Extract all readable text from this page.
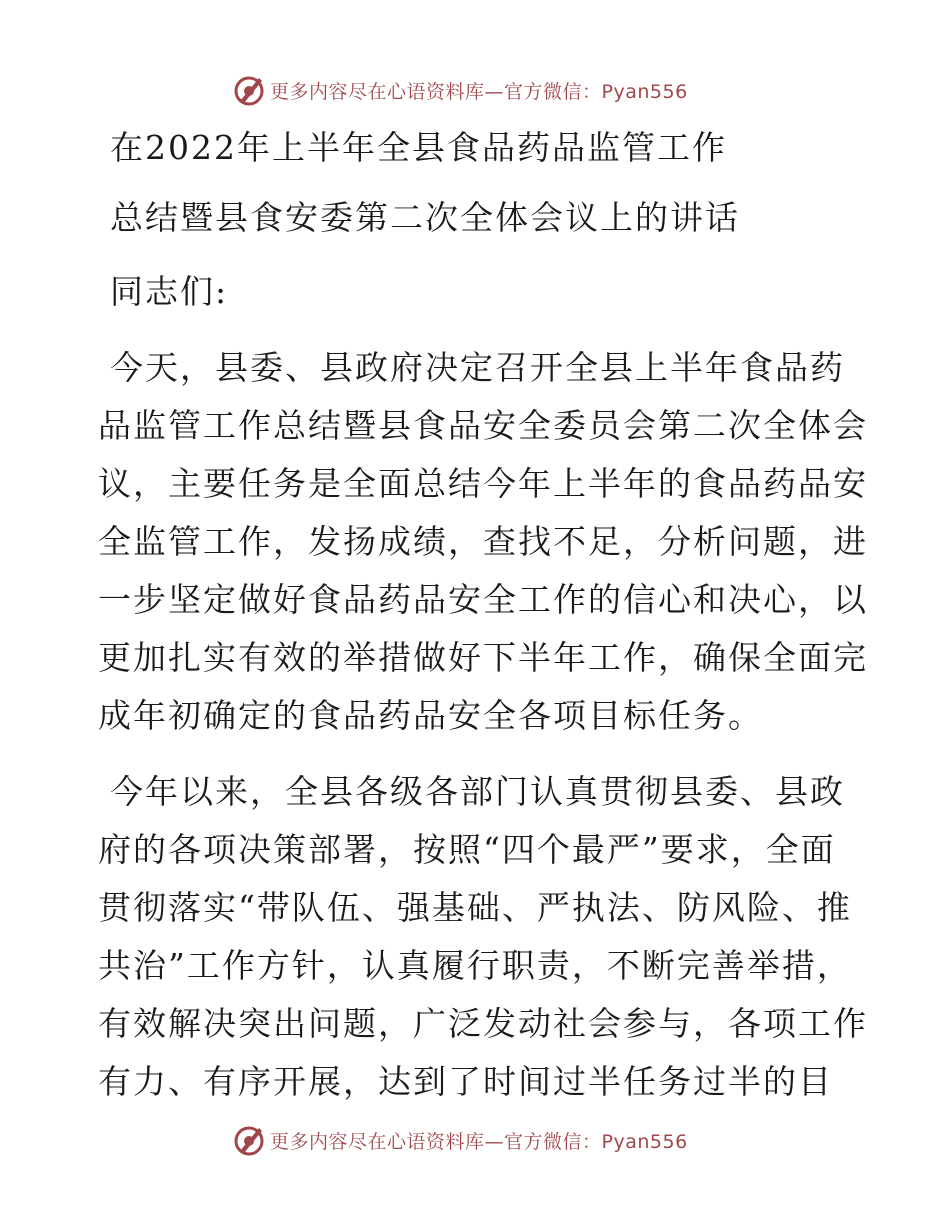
更多内容尽在心语资料库—官方微信：Pyan556
在2022年上半年全县食品药品监管工作
总结暨县食安委第二次全体会议上的讲话
同志们:
今天，县委、县政府决定召开全县上半年食品药
品监管工作总结暨县食品安全委员会第二次全体会
议，主要任务是全面总结今年上半年的食品药品安
全监管工作，发扬成绩，查找不足，分析问题，进
一步坚定做好食品药品安全工作的信心和决心，以
更加扎实有效的举措做好下半年工作，确保全面完
成年初确定的食品药品安全各项目标任务。
今年以来，全县各级各部门认真贯彻县委、县政
府的各项决策部署，按照“四个最严”要求，全面
贯彻落实“带队伍、强基础、严执法、防风险、推
共治”工作方针，认真履行职责，不断完善举措，
有效解决突出问题，广泛发动社会参与，各项工作
有力、有序开展，达到了时间过半任务过半的目
更多内容尽在心语资料库—官方微信：Pyan556
